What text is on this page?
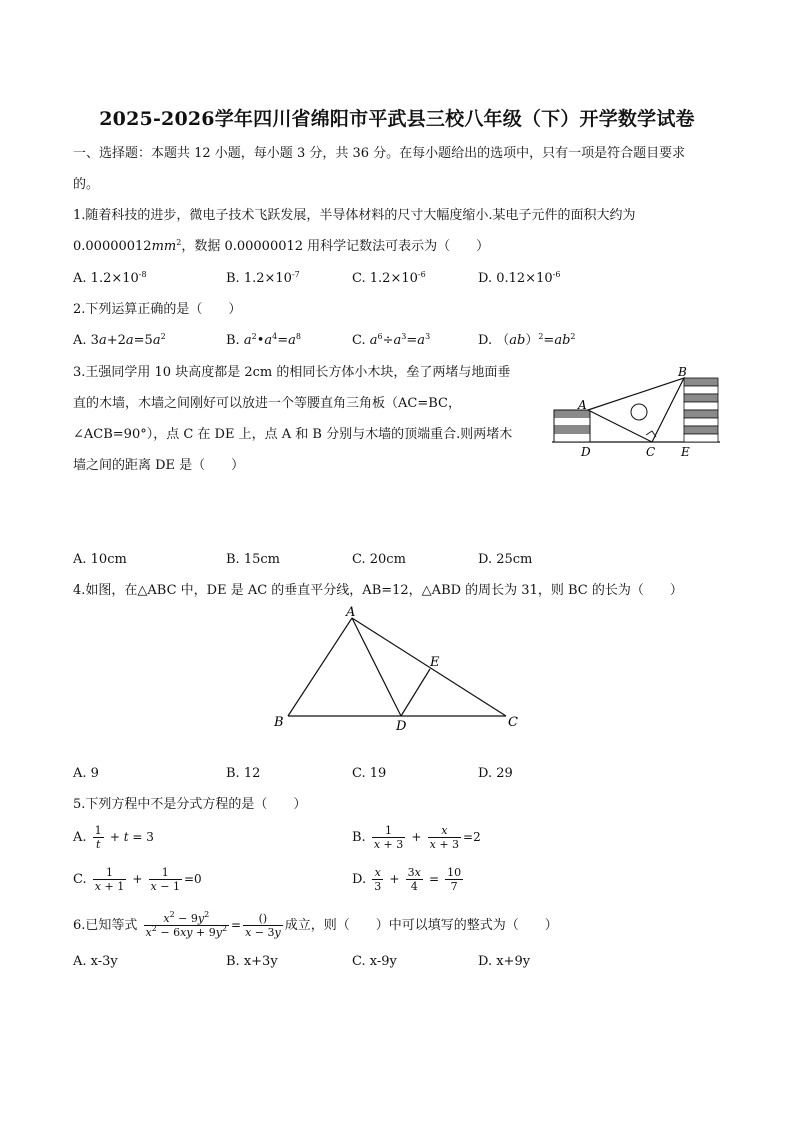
2025-2026学年四川省绵阳市平武县三校八年级（下）开学数学试卷
一、选择题：本题共 12 小题，每小题 3 分，共 36 分。在每小题给出的选项中，只有一项是符合题目要求
的。
1.随着科技的进步，微电子技术飞跃发展，半导体材料的尺寸大幅度缩小.某电子元件的面积大约为
$0.00000012mm^2$，数据 0.00000012 用科学记数法可表示为（　　）
A. $1.2\times 10^{-8}$	B. $1.2\times 10^{-7}$	C. $1.2\times 10^{-6}$	D. $0.12\times 10^{-6}$
2.下列运算正确的是（　　）
A. $3a+2a=5a^2$	B. $a^2•a^4=a^8$	C. $a^6\div a^3=a^3$	D. $(ab)^2=ab^2$
3.王强同学用 10 块高度都是 2cm 的相同长方体小木块，垒了两堵与地面垂
直的木墙，木墙之间刚好可以放进一个等腰直角三角板（AC=BC，
∠ACB=90°），点 C 在 DE 上，点 A 和 B 分别与木墙的顶端重合.则两堵木
墙之间的距离 DE 是（　　）
A
B
C
D	E
A. 10cm	B. 15cm	C. 20cm	D. 25cm
4.如图，在△ABC 中，DE 是 AC 的垂直平分线，AB=12，△ABD 的周长为 31，则 BC 的长为（　　）
A
B	C
D
E
A. 9	B. 12	C. 19	D. 29
5.下列方程中不是分式方程的是（　　）
A. $\frac{1}{t} + t = 3$	B. $\frac{1}{x + 3} + \frac{x}{x + 3} =2$
C. $\frac{1}{x + 1} + \frac{1}{x - 1} =0$	D. $\frac{x}{3} + \frac{3x}{4} = \frac{10}{7}$
6.已知等式 $\frac{x^2 - 9y^2}{x^2 - 6xy + 9y^2} = \frac{()}{x - 3y}$ 成立，则（　　）中可以填写的整式为（　　）
A. x-3y	B. x+3y	C. x-9y	D. x+9y
